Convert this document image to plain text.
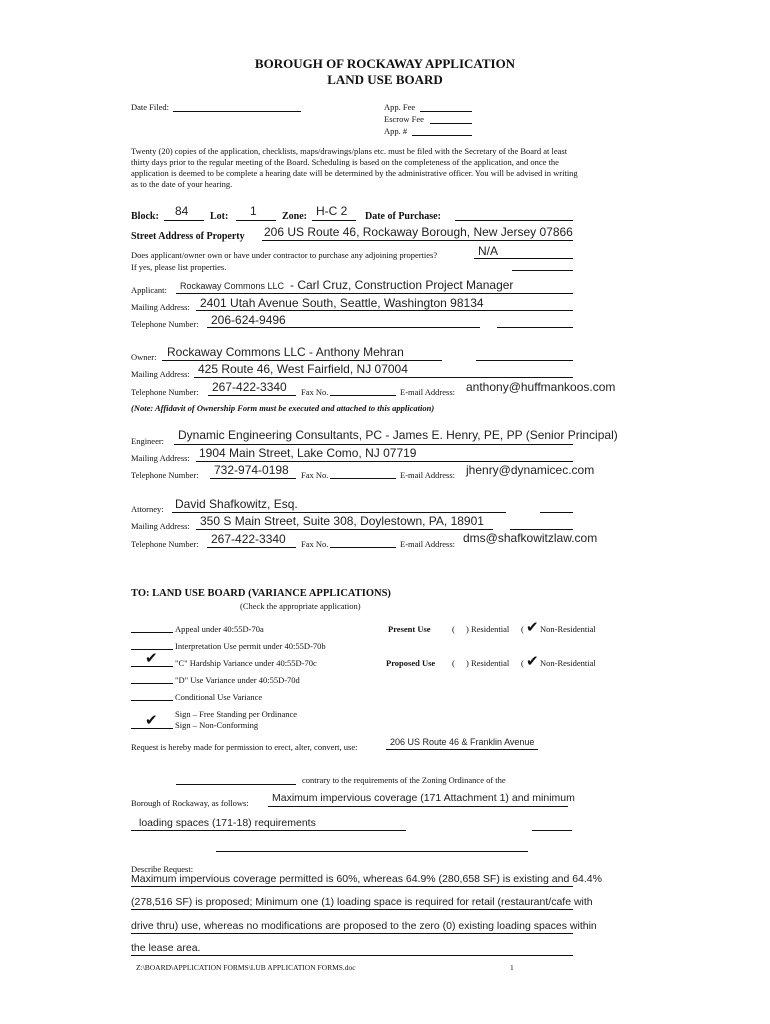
BOROUGH OF ROCKAWAY APPLICATION
LAND USE BOARD
Date Filed:	App. Fee
Escrow Fee
App. #
Twenty (20) copies of the application, checklists, maps/drawings/plans etc. must be filed with the Secretary of the Board at least
thirty days prior to the regular meeting of the Board. Scheduling is based on the completeness of the application, and once the
application is deemed to be complete a hearing date will be determined by the administrative officer. You will be advised in writing
as to the date of your hearing.
Block: 84 Lot: 1	Zone: H-C 2 Date of Purchase:
Street Address of Property 206 US Route 46, Rockaway Borough, New Jersey 07866
Does applicant/owner own or have under contractor to purchase any adjoining properties?	N/A
If yes, please list properties.
Applicant: Rockaway Commons LLC - Carl Cruz, Construction Project Manager
Mailing Address: 2401 Utah Avenue South, Seattle, Washington 98134
Telephone Number: 206-624-9496
Owner: Rockaway Commons LLC - Anthony Mehran
Mailing Address: 425 Route 46, West Fairfield, NJ 07004
Telephone Number: 267-422-3340 Fax No.	E-mail Address: anthony@huffmankoos.com
(Note: Affidavit of Ownership Form must be executed and attached to this application)
Engineer: Dynamic Engineering Consultants, PC - James E. Henry, PE, PP (Senior Principal)
Mailing Address: 1904 Main Street, Lake Como, NJ 07719
Telephone Number: 732-974-0198 Fax No.	E-mail Address: jhenry@dynamicec.com
Attorney: David Shafkowitz, Esq.
Mailing Address: 350 S Main Street, Suite 308, Doylestown, PA, 18901
Telephone Number: 267-422-3340 Fax No.	E-mail Address: dms@shafkowitzlaw.com
TO: LAND USE BOARD (VARIANCE APPLICATIONS)
(Check the appropriate application)
Appeal under 40:55D-70a
Interpretation Use permit under 40:55D-70b
✔ "C" Hardship Variance under 40:55D-70c
"D" Use Variance under 40:55D-70d
Conditional Use Variance
Sign – Free Standing per Ordinance
✔ Sign – Non-Conforming
Present Use	( ) Residential ( ✔ Non-Residential
Proposed Use ( ) Residential ( ✔ Non-Residential
Request is hereby made for permission to erect, alter, convert, use:	206 US Route 46 & Franklin Avenue
contrary to the requirements of the Zoning Ordinance of the
Borough of Rockaway, as follows: Maximum impervious coverage (171 Attachment 1) and minimum
loading spaces (171-18) requirements
Describe Request:
Maximum impervious coverage permitted is 60%, whereas 64.9% (280,658 SF) is existing and 64.4%
(278,516 SF) is proposed; Minimum one (1) loading space is required for retail (restaurant/cafe with
drive thru) use, whereas no modifications are proposed to the zero (0) existing loading spaces within
the lease area.
Z:\BOARD\APPLICATION FORMS\LUB APPLICATION FORMS.doc	1
